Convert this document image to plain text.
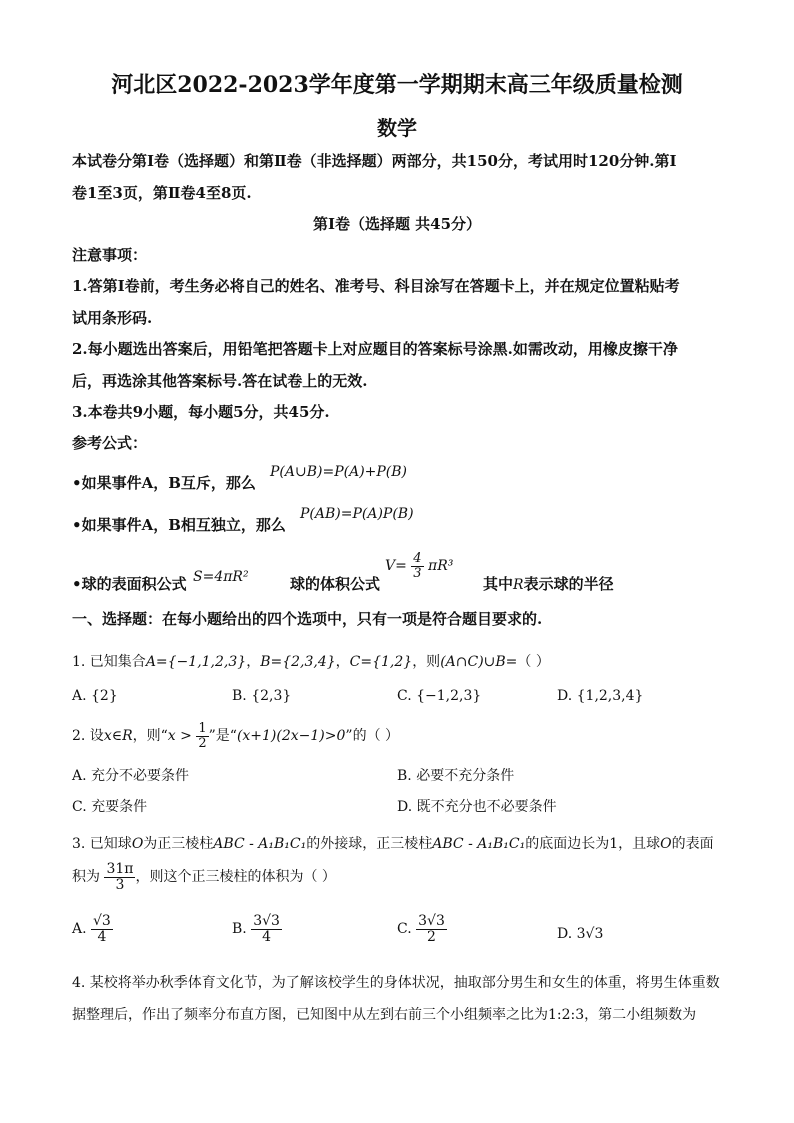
河北区2022-2023学年度第一学期期末高三年级质量检测
数学
本试卷分第Ⅰ卷（选择题）和第Ⅱ卷（非选择题）两部分，共150分，考试用时120分钟.第Ⅰ
卷1至3页，第Ⅱ卷4至8页.
第Ⅰ卷（选择题 共45分）
注意事项：
1.答第Ⅰ卷前，考生务必将自己的姓名、准考号、科目涂写在答题卡上，并在规定位置粘贴考
试用条形码.
2.每小题选出答案后，用铅笔把答题卡上对应题目的答案标号涂黑.如需改动，用橡皮擦干净
后，再选涂其他答案标号.答在试卷上的无效.
3.本卷共9小题，每小题5分，共45分.
参考公式：
•如果事件A，B互斥，那么
P(A∪B)=P(A)+P(B)
•如果事件A，B相互独立，那么
P(AB)=P(A)P(B)
•球的表面积公式 S=4πR²	球的体积公式
$V= \frac{4}{3} \pi R^3$
其中R表示球的半径
一、选择题：在每小题给出的四个选项中，只有一项是符合题目要求的.
1. 已知集合A={−1,1,2,3}，B={2,3,4}，C={1,2}，则(A∩C)∪B=（ ）
A. {2}	B. {2,3}	C. {−1,2,3}	D. {1,2,3,4}
2. 设x∈R，则“$x > \frac{1}{2}$ ”是“(x+1)(2x−1)>0”的（ ）
A. 充分不必要条件	B. 必要不充分条件
C. 充要条件	D. 既不充分也不必要条件
3. 已知球O为正三棱柱ABC - A₁B₁C₁的外接球，正三棱柱ABC - A₁B₁C₁的底面边长为1，且球O的表面
积为 $\frac{31\pi}{3}$ ，则这个正三棱柱的体积为（ ）
A. $\frac{√3}{4}$	B. $\frac{3√3}{4}$	C. $\frac{3√3}{2}$	D. 3√3
4. 某校将举办秋季体育文化节，为了解该校学生的身体状况，抽取部分男生和女生的体重，将男生体重数
据整理后，作出了频率分布直方图，已知图中从左到右前三个小组频率之比为1:2:3，第二小组频数为
